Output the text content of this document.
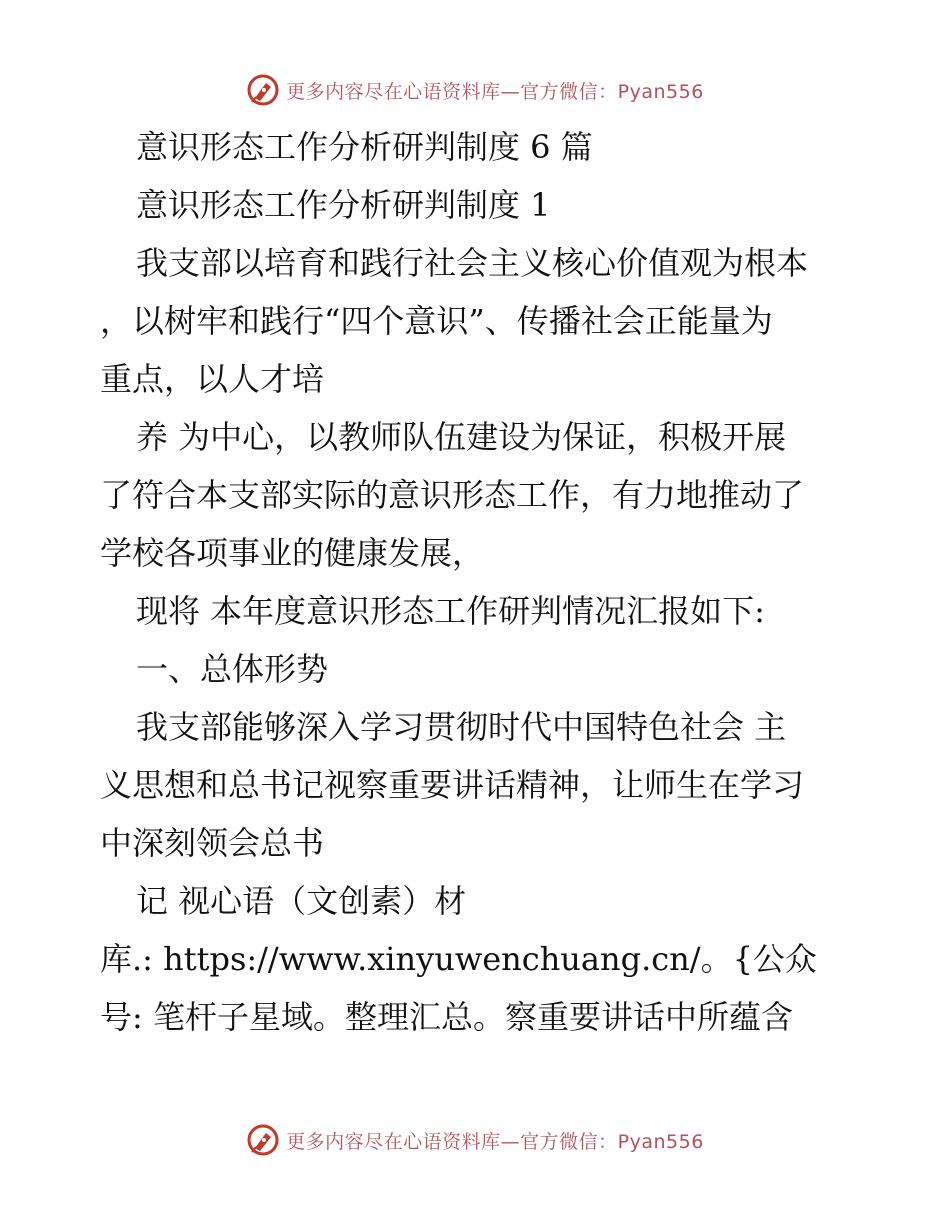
更多内容尽在心语资料库—官方微信：Pyan556
意识形态工作分析研判制度 6 篇
意识形态工作分析研判制度 1
我支部以培育和践行社会主义核心价值观为根本
，以树牢和践行“四个意识”、传播社会正能量为
重点，以人才培
养 为中心，以教师队伍建设为保证，积极开展
了符合本支部实际的意识形态工作，有力地推动了
学校各项事业的健康发展，
现将 本年度意识形态工作研判情况汇报如下:
一、总体形势
我支部能够深入学习贯彻时代中国特色社会 主
义思想和总书记视察重要讲话精神，让师生在学习
中深刻领会总书
记 视心语（文创素）材
库.: https://www.xinyuwenchuang.cn/。{公众
号: 笔杆子星域。整理汇总。察重要讲话中所蕴含
更多内容尽在心语资料库—官方微信：Pyan556
